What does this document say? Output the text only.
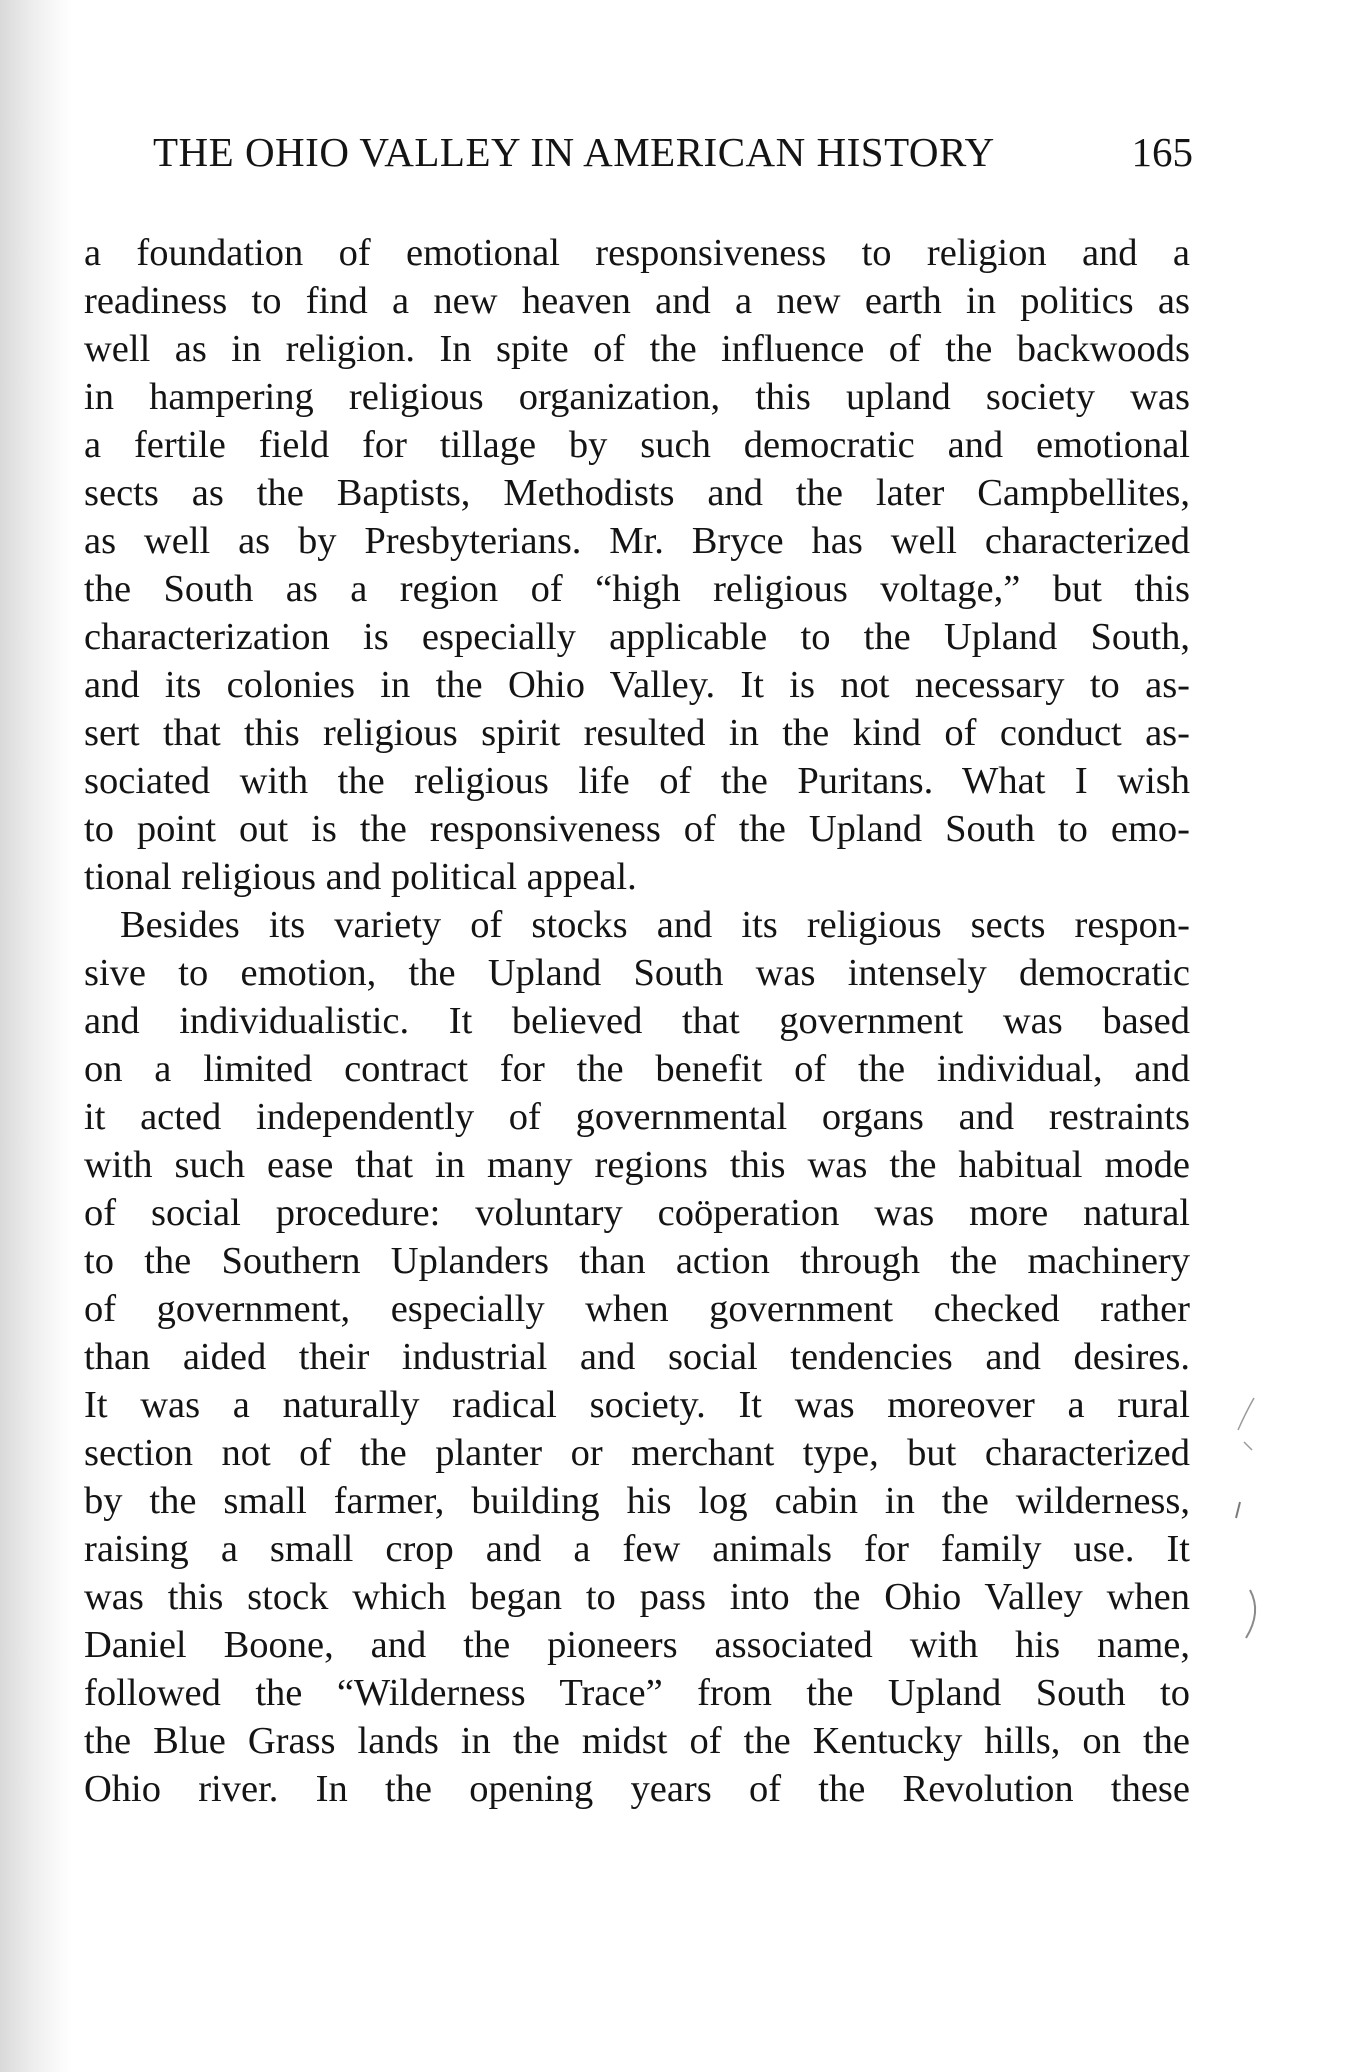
THE OHIO VALLEY IN AMERICAN HISTORY	165
a foundation of emotional responsiveness to religion and a
readiness to find a new heaven and a new earth in politics as
well as in religion. In spite of the influence of the backwoods
in hampering religious organization, this upland society was
a fertile field for tillage by such democratic and emotional
sects as the Baptists, Methodists and the later Campbellites,
as well as by Presbyterians. Mr. Bryce has well characterized
the South as a region of “high religious voltage,” but this
characterization is especially applicable to the Upland South,
and its colonies in the Ohio Valley. It is not necessary to as-
sert that this religious spirit resulted in the kind of conduct as-
sociated with the religious life of the Puritans. What I wish
to point out is the responsiveness of the Upland South to emo-
tional religious and political appeal.
Besides its variety of stocks and its religious sects respon-
sive to emotion, the Upland South was intensely democratic
and individualistic. It believed that government was based
on a limited contract for the benefit of the individual, and
it acted independently of governmental organs and restraints
with such ease that in many regions this was the habitual mode
of social procedure: voluntary coöperation was more natural
to the Southern Uplanders than action through the machinery
of government, especially when government checked rather
than aided their industrial and social tendencies and desires.
It was a naturally radical society. It was moreover a rural
section not of the planter or merchant type, but characterized
by the small farmer, building his log cabin in the wilderness,
raising a small crop and a few animals for family use. It
was this stock which began to pass into the Ohio Valley when
Daniel Boone, and the pioneers associated with his name,
followed the “Wilderness Trace” from the Upland South to
the Blue Grass lands in the midst of the Kentucky hills, on the
Ohio river. In the opening years of the Revolution these
